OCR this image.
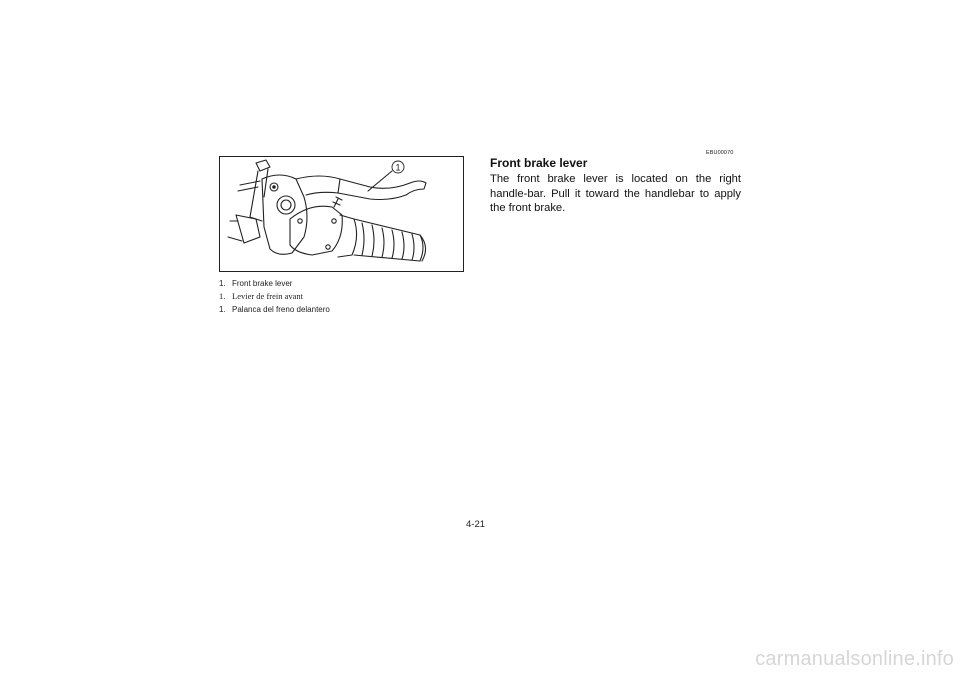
1
1. Front brake lever
1. Levier de frein avant
1. Palanca del freno delantero
EBU00070
Front brake lever
The front brake lever is located on the right handle-bar. Pull it toward the handlebar to apply the front brake.
4-21
carmanualsonline.info
